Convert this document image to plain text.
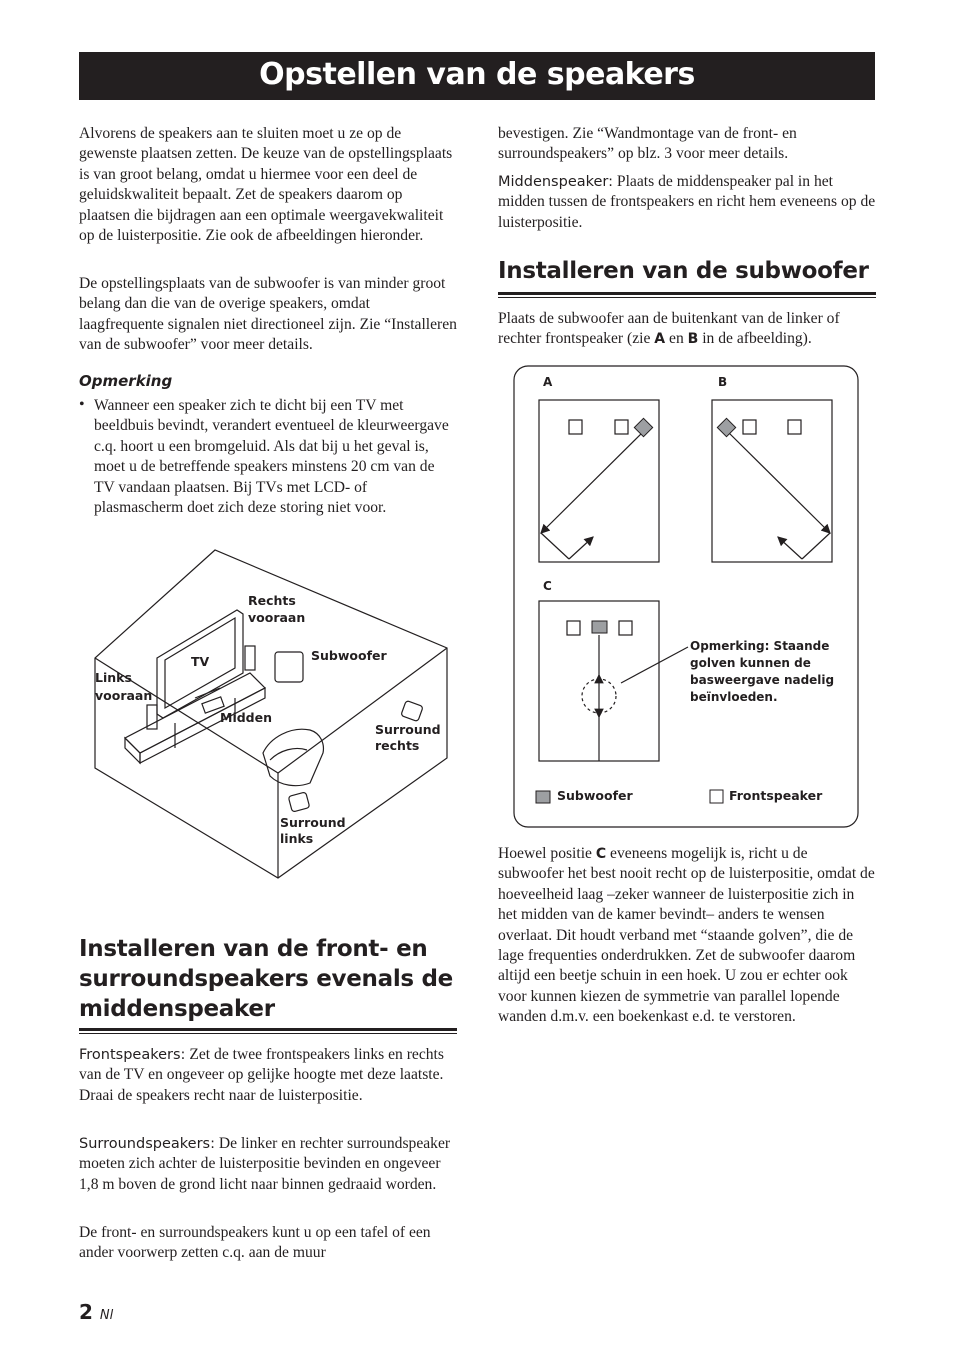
Opstellen van de speakers

Alvorens de speakers aan te sluiten moet u ze op de gewenste plaatsen zetten. De keuze van de opstellingsplaats is van groot belang, omdat u hiermee voor een deel de geluidskwaliteit bepaalt. Zet de speakers daarom op plaatsen die bijdragen aan een optimale weergavekwaliteit op de luisterpositie. Zie ook de afbeeldingen hieronder.

De opstellingsplaats van de subwoofer is van minder groot belang dan die van de overige speakers, omdat laagfrequente signalen niet directioneel zijn. Zie “Installeren van de subwoofer” voor meer details.

Opmerking
• Wanneer een speaker zich te dicht bij een TV met beeldbuis bevindt, verandert eventueel de kleurweergave c.q. hoort u een bromgeluid. Als dat bij u het geval is, moet u de betreffende speakers minstens 20 cm van de TV vandaan plaatsen. Bij TVs met LCD- of plasmascherm doet zich deze storing niet voor.

Rechts
vooraan
TV	Subwoofer
Links
vooraan
Midden
Surround
rechts
Surround
links
Installeren van de front- en
surroundspeakers evenals de
middenspeaker

Frontspeakers: Zet de twee frontspeakers links en rechts van de TV en ongeveer op gelijke hoogte met deze laatste. Draai de speakers recht naar de luisterpositie.

Surroundspeakers: De linker en rechter surroundspeaker moeten zich achter de luisterpositie bevinden en ongeveer 1,8 m boven de grond licht naar binnen gedraaid worden.

De front- en surroundspeakers kunt u op een tafel of een ander voorwerp zetten c.q. aan de muur

bevestigen. Zie “Wandmontage van de front- en surroundspeakers” op blz. 3 voor meer details.

Middenspeaker: Plaats de middenspeaker pal in het midden tussen de frontspeakers en richt hem eveneens op de luisterpositie.

Installeren van de subwoofer

Plaats de subwoofer aan de buitenkant van de linker of rechter frontspeaker (zie A en B in de afbeelding).

A	B
C
Opmerking: Staande
golven kunnen de
basweergave nadelig
beïnvloeden.
Subwoofer	Frontspeaker

Hoewel positie C eveneens mogelijk is, richt u de subwoofer het best nooit recht op de luisterpositie, omdat de hoeveelheid laag –zeker wanneer de luisterpositie zich in het midden van de kamer bevindt– anders te wensen overlaat. Dit houdt verband met “staande golven”, die de lage frequenties onderdrukken. Zet de subwoofer daarom altijd een beetje schuin in een hoek. U zou er echter ook voor kunnen kiezen de symmetrie van parallel lopende wanden d.m.v. een boekenkast e.d. te verstoren.

2 Nl
